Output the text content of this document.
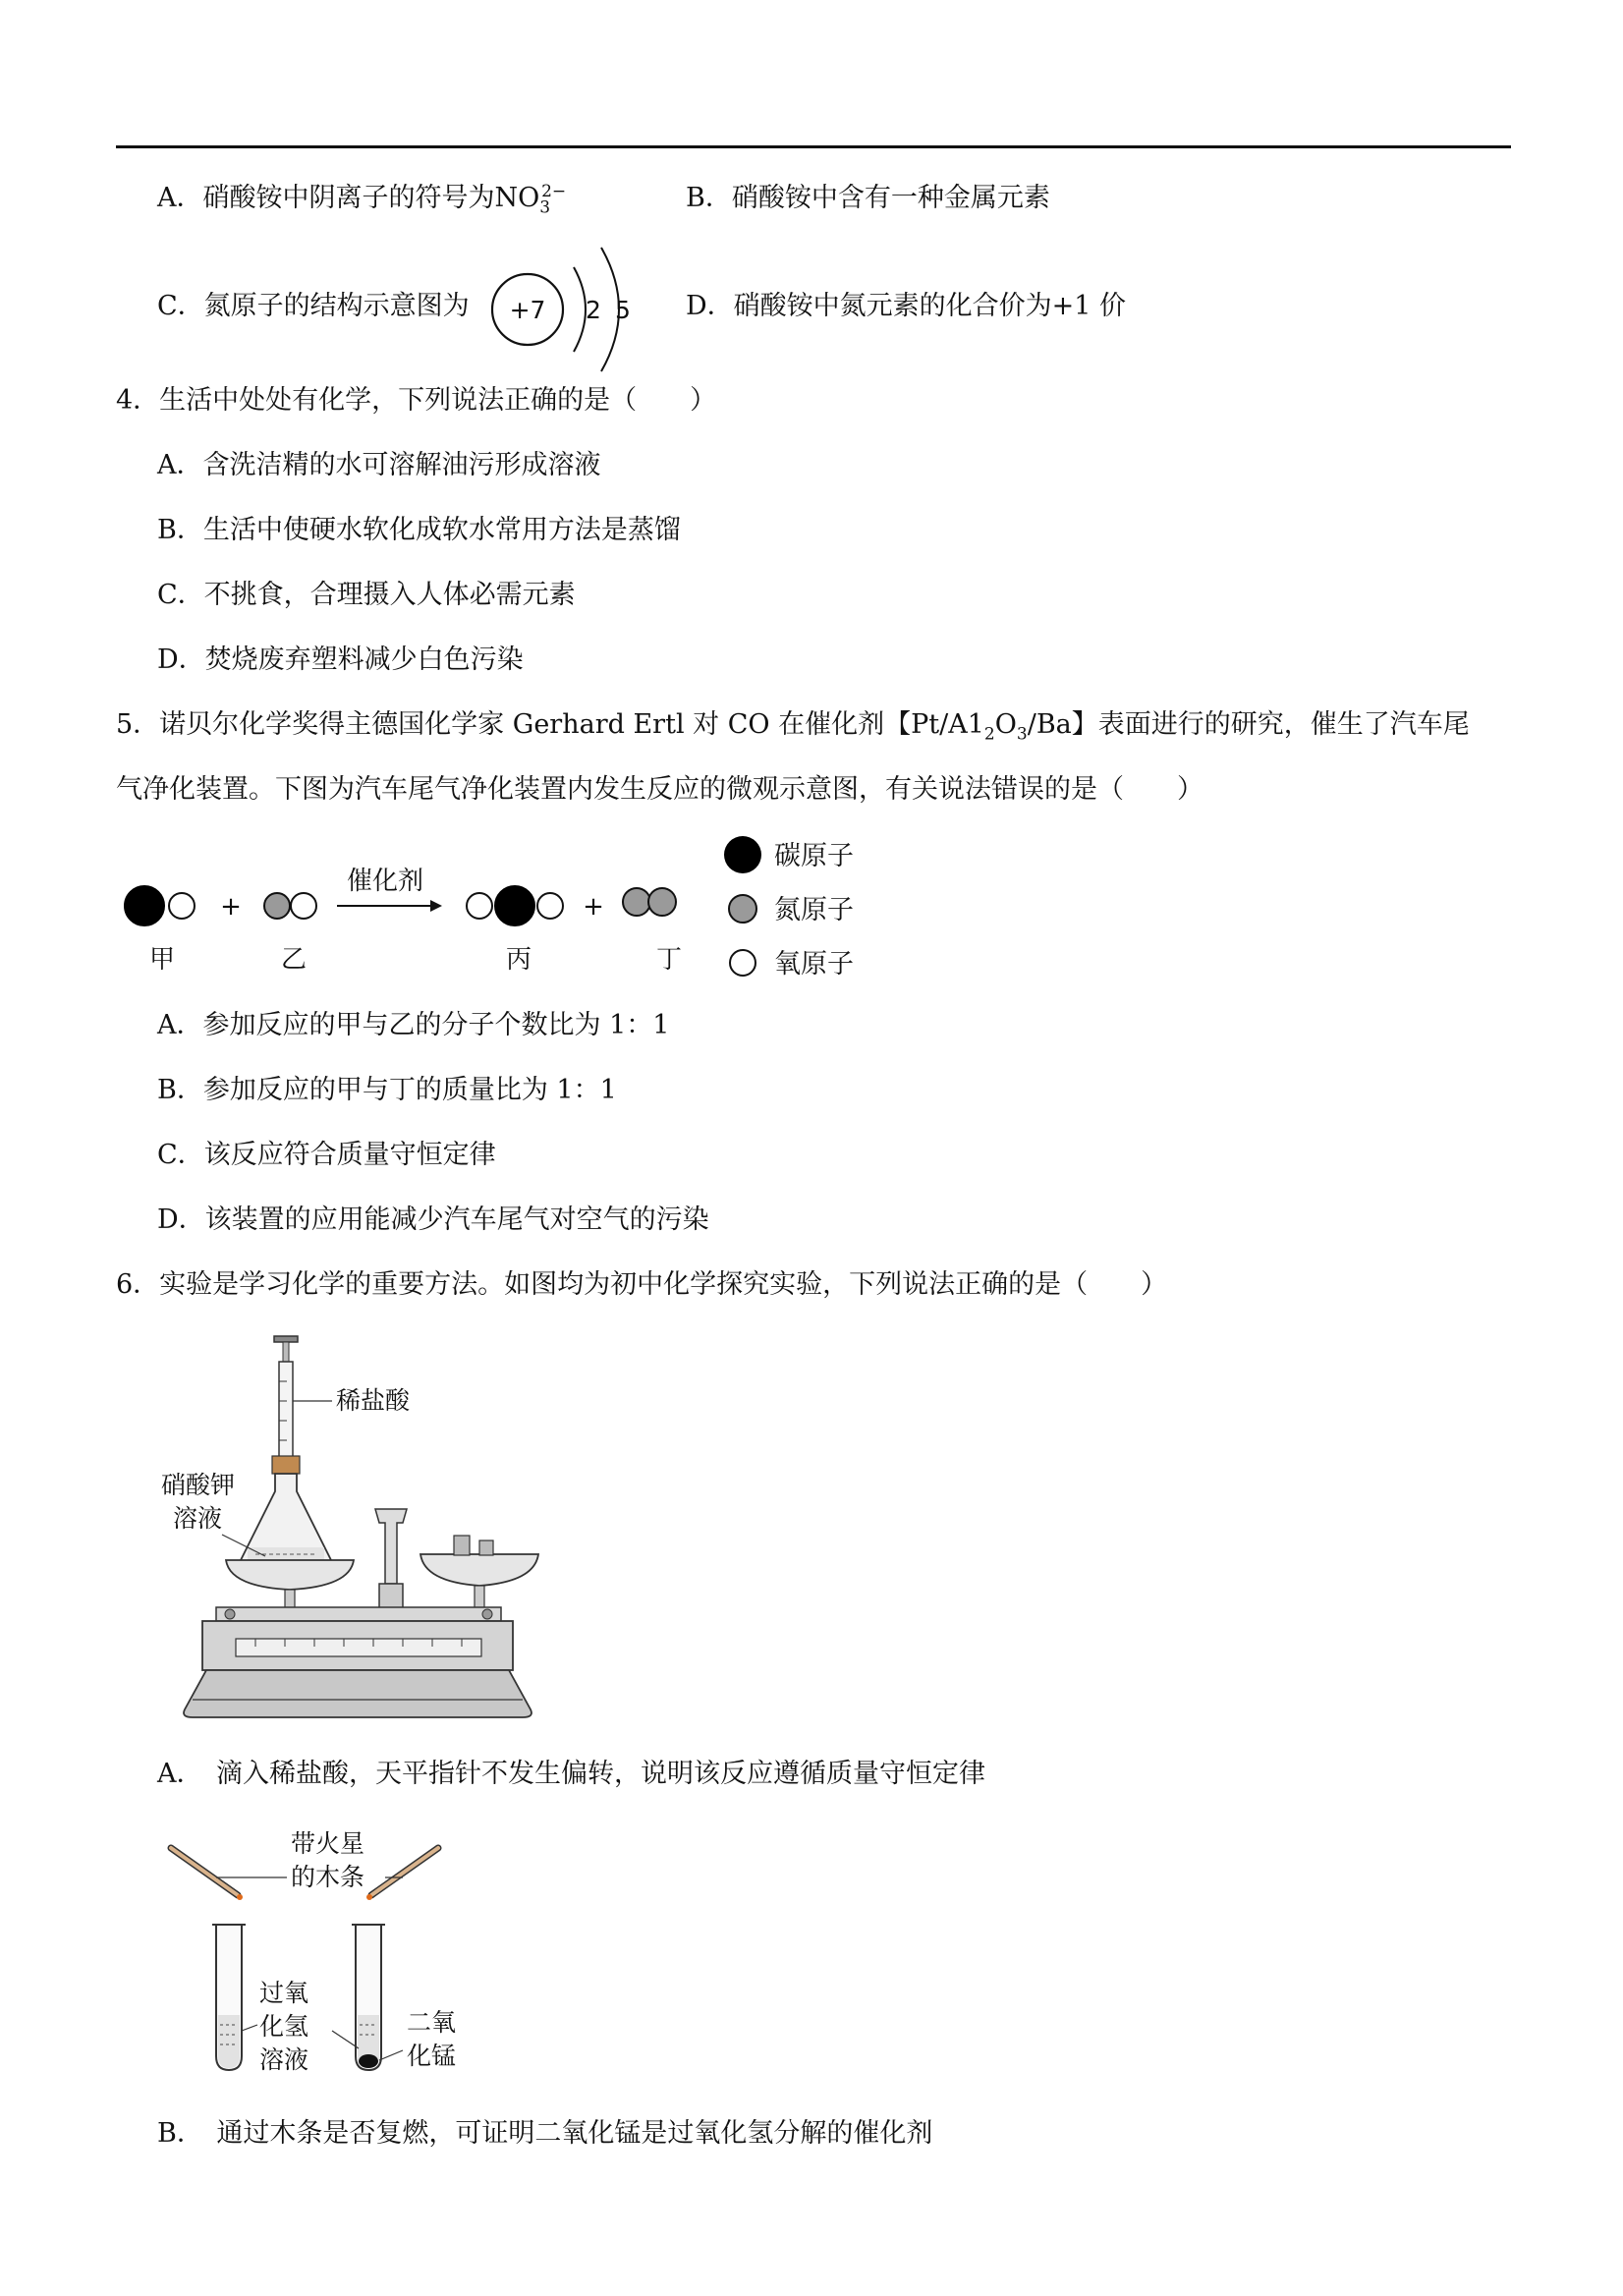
A．硝酸铵中阴离子的符号为$NO_3^{2-}$	B．硝酸铵中含有一种金属元素
C．氮原子的结构示意图为 +7 2 5 D．硝酸铵中氮元素的化合价为+1 价
4．生活中处处有化学，下列说法正确的是（　　）
A．含洗洁精的水可溶解油污形成溶液
B．生活中使硬水软化成软水常用方法是蒸馏
C．不挑食，合理摄入人体必需元素
D．焚烧废弃塑料减少白色污染
5．诺贝尔化学奖得主德国化学家 Gerhard Ertl 对 CO 在催化剂【$Pt/A1_2O_3/Ba$】表面进行的研究，催生了汽车尾
气净化装置。下图为汽车尾气净化装置内发生反应的微观示意图，有关说法错误的是（　　）
+
催化剂
+
甲	乙	丙	丁
碳原子
氮原子
氧原子
A．参加反应的甲与乙的分子个数比为 1：1
B．参加反应的甲与丁的质量比为 1：1
C．该反应符合质量守恒定律
D．该装置的应用能减少汽车尾气对空气的污染
6．实验是学习化学的重要方法。如图均为初中化学探究实验，下列说法正确的是（　　）
稀盐酸
硝酸钾
溶液
A．　滴入稀盐酸，天平指针不发生偏转，说明该反应遵循质量守恒定律
带火星
的木条
过氧
化氢
溶液
二氧
化锰
B．　通过木条是否复燃，可证明二氧化锰是过氧化氢分解的催化剂
